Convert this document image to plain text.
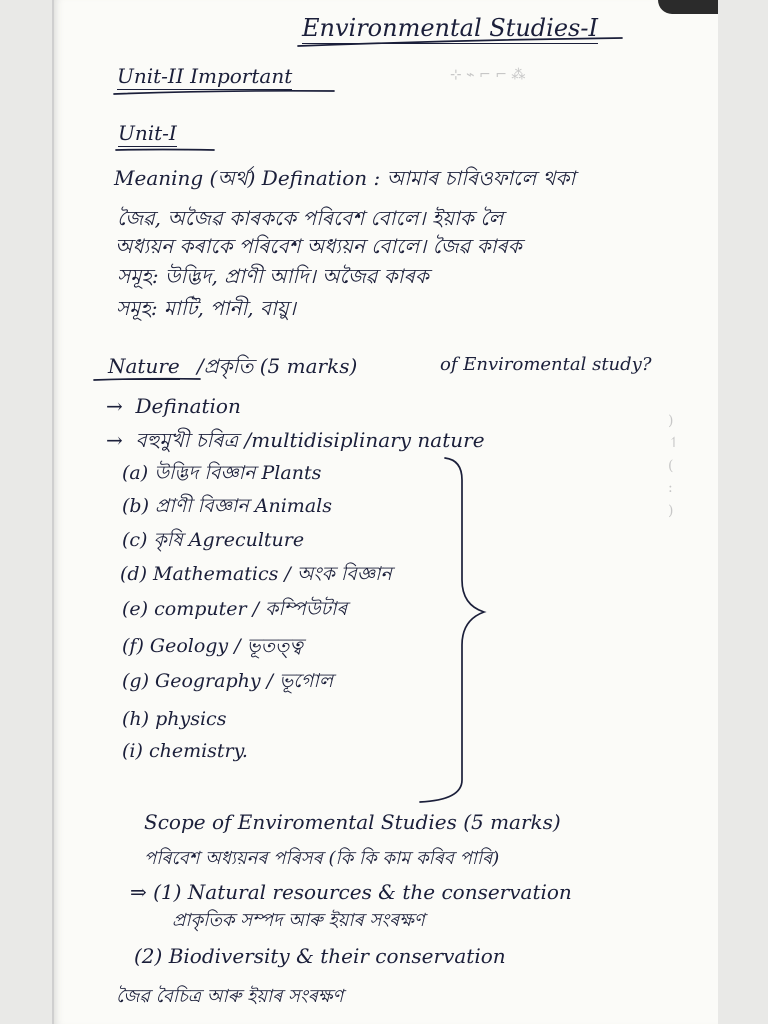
⊹ ⌁ ⌐ ⌐ ⁂
)
↿
(
:
)
Environmental Studies-I
Unit-II Important
Unit-I
Meaning (অর্থ) Defination : আমাৰ চাৰিওফালে থকা
জৈৱ, অজৈৱ কাৰককে পৰিবেশ বোলে। ইয়াক লৈ
অধ্যয়ন কৰাকে পৰিবেশ অধ্যয়ন বোলে। জৈৱ কাৰক
সমূহ: উদ্ভিদ, প্ৰাণী আদি। অজৈৱ কাৰক
সমূহ: মাটি, পানী, বায়ু।
Nature /প্ৰকৃতি (5 marks)	of Enviromental study?
→  Defination
→  বহুমুখী চৰিত্ৰ /multidisiplinary nature
(a) উদ্ভিদ বিজ্ঞান Plants
(b) প্ৰাণী বিজ্ঞান Animals
(c) কৃষি Agreculture
(d) Mathematics / অংক বিজ্ঞান
(e) computer / কম্পিউটাৰ
(f) Geology / ভূতত্ত্ব
(g) Geography / ভূগোল
(h) physics
(i) chemistry.
Scope of Enviromental Studies (5 marks)
পৰিবেশ অধ্যয়নৰ পৰিসৰ (কি কি কাম কৰিব পাৰি)
⇒ (1) Natural resources & the conservation
প্ৰাকৃতিক সম্পদ আৰু ইয়াৰ সংৰক্ষণ
(2) Biodiversity & their conservation
জৈৱ বৈচিত্ৰ আৰু ইয়াৰ সংৰক্ষণ
